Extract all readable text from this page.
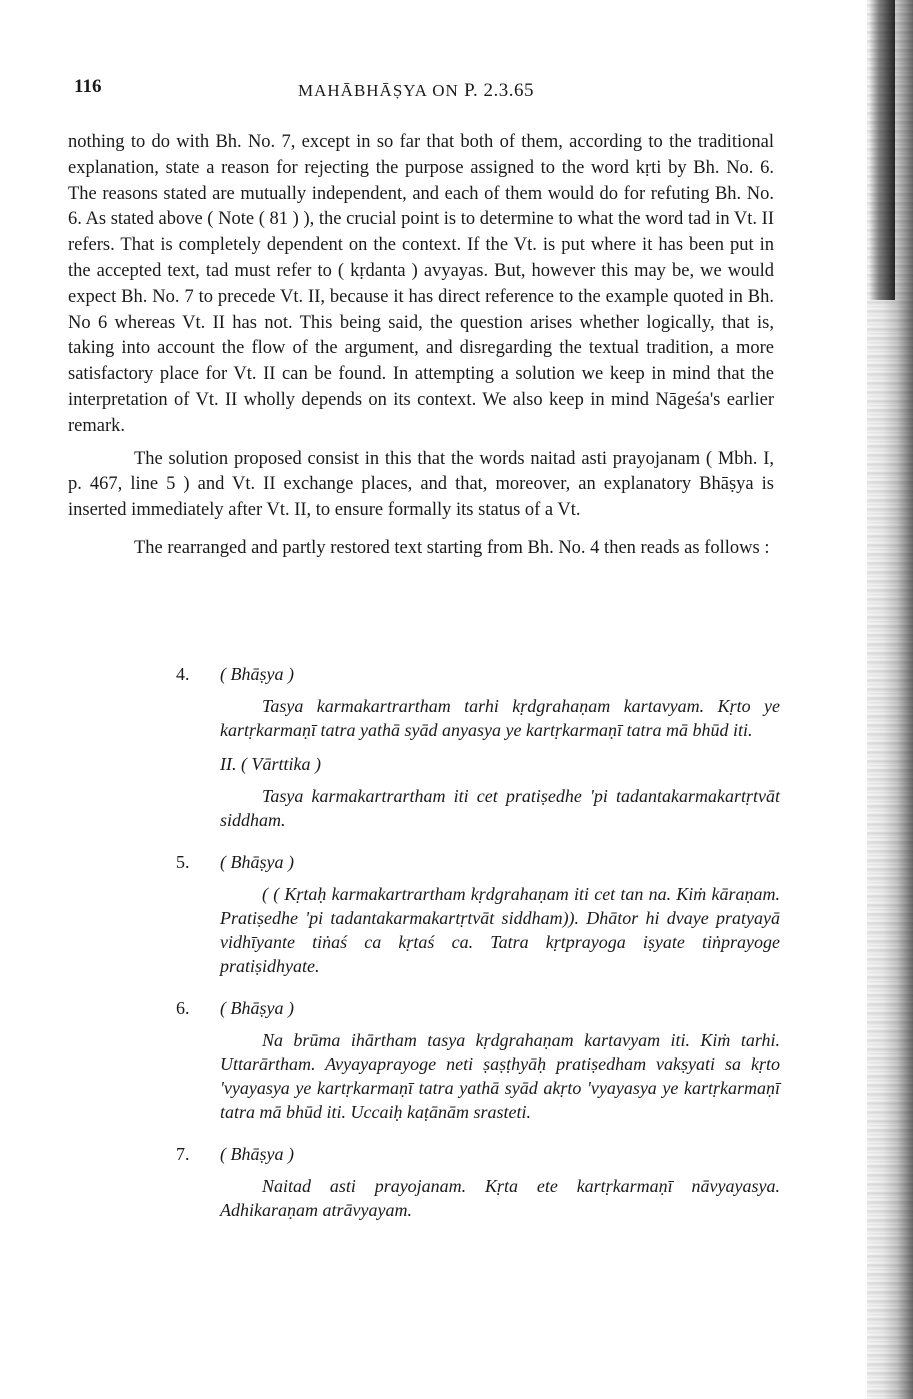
116	MAHĀBHĀṢYA ON P. 2.3.65

nothing to do with Bh. No. 7, except in so far that both of them, according to the traditional explanation, state a reason for rejecting the purpose assigned to the word kṛti by Bh. No. 6. The reasons stated are mutually independent, and each of them would do for refuting Bh. No. 6. As stated above ( Note ( 81 ) ), the crucial point is to determine to what the word tad in Vt. II refers. That is completely dependent on the context. If the Vt. is put where it has been put in the accepted text, tad must refer to ( kṛdanta ) avyayas. But, however this may be, we would expect Bh. No. 7 to precede Vt. II, because it has direct reference to the example quoted in Bh. No 6 whereas Vt. II has not. This being said, the question arises whether logically, that is, taking into account the flow of the argument, and disregarding the textual tradition, a more satisfactory place for Vt. II can be found. In attempting a solution we keep in mind that the interpretation of Vt. II wholly depends on its context. We also keep in mind Nāgeśa's earlier remark.

The solution proposed consist in this that the words naitad asti prayojanam ( Mbh. I, p. 467, line 5 ) and Vt. II exchange places, and that, moreover, an explanatory Bhāṣya is inserted immediately after Vt. II, to ensure formally its status of a Vt.

The rearranged and partly restored text starting from Bh. No. 4 then reads as follows :

4.	( Bhāṣya )
Tasya karmakartrartham tarhi kṛdgrahaṇam kartavyam. Kṛto ye kartṛkarmaṇī tatra yathā syād anyasya ye kartṛkarmaṇī tatra mā bhūd iti.
II. ( Vārttika )
Tasya karmakartrartham iti cet pratiṣedhe 'pi tadantakarmakartṛtvāt siddham.
5.	( Bhāṣya )
( ( Kṛtaḥ karmakartrartham kṛdgrahaṇam iti cet tan na. Kiṁ kāraṇam. Pratiṣedhe 'pi tadantakarmakartṛtvāt siddham)). Dhātor hi dvaye pratyayā vidhīyante tiṅaś ca kṛtaś ca. Tatra kṛtprayoga iṣyate tiṅprayoge pratiṣidhyate.
6.	( Bhāṣya )
Na brūma ihārtham tasya kṛdgrahaṇam kartavyam iti. Kiṁ tarhi. Uttarārtham. Avyayaprayoge neti ṣaṣṭhyāḥ pratiṣedham vakṣyati sa kṛto 'vyayasya ye kartṛkarmaṇī tatra yathā syād akṛto 'vyayasya ye kartṛkarmaṇī tatra mā bhūd iti. Uccaiḥ kaṭānām srasteti.
7.	( Bhāṣya )
Naitad asti prayojanam. Kṛta ete kartṛkarmaṇī nāvyayasya. Adhikaraṇam atrāvyayam.
